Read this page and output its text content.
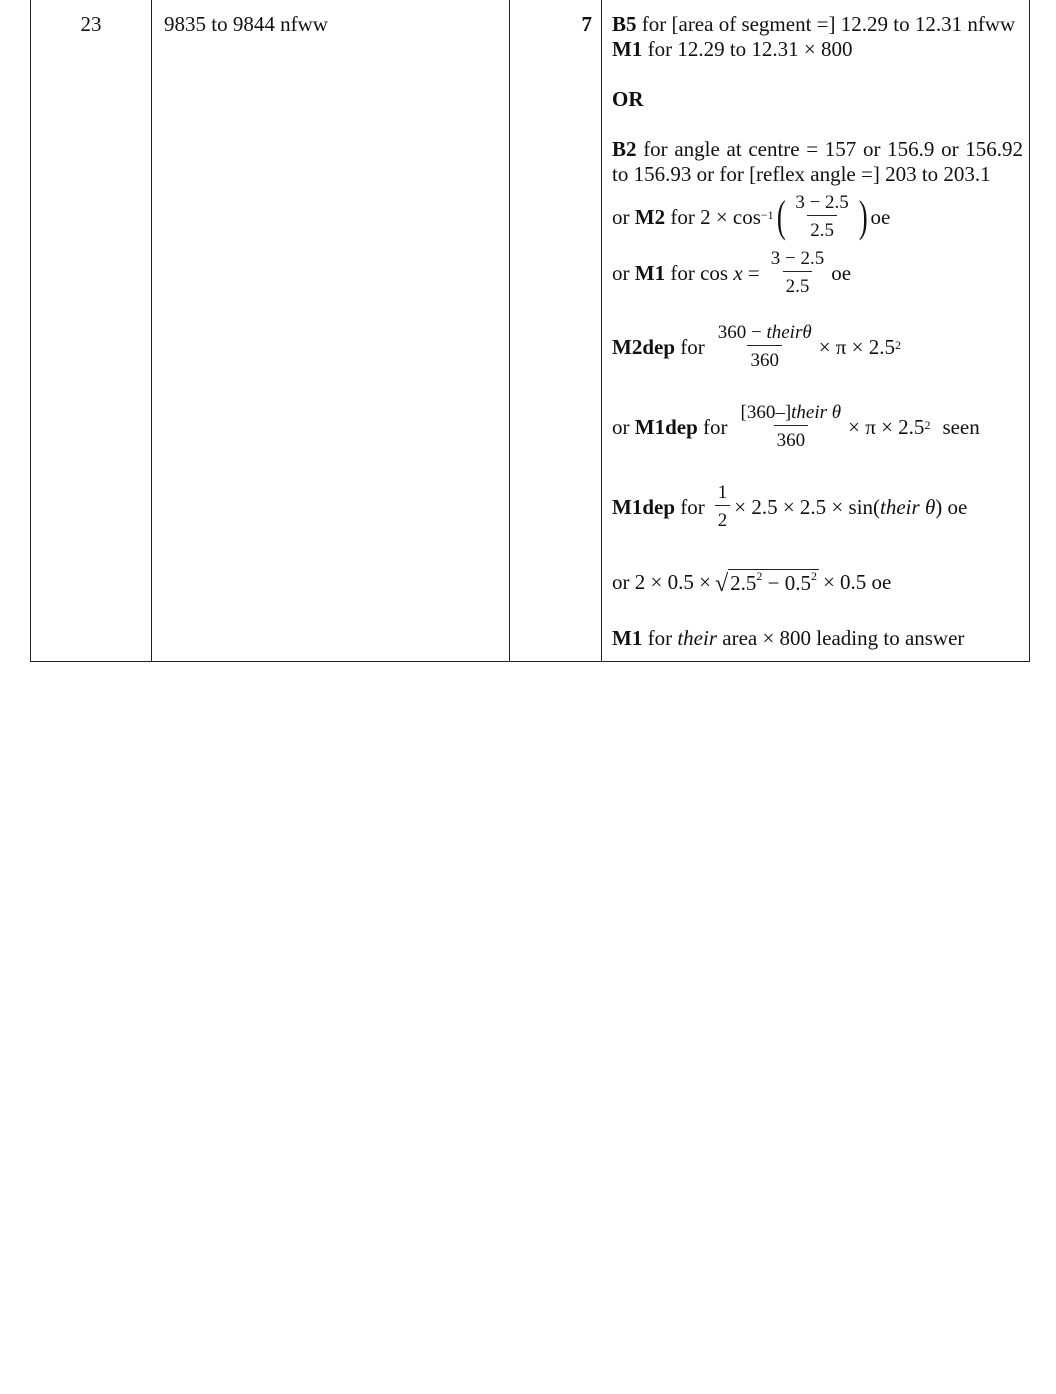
23	9835 to 9844 nfww	7	B5 for [area of segment =] 12.29 to 12.31 nfww

M1 for 12.29 to 12.31 × 800

OR

B2 for angle at centre = 157 or 156.9 or 156.92 to 156.93 or for [reflex angle =] 203 to 203.1

or M2 for $2 \times \cos^{-1}$ ( $\frac{3 - 2.5}{2.5}$ ) oe
or M1 for $\cos x = \frac{3 - 2.5}{2.5}$ oe
M2dep for $\frac{\text{360 − theirθ}}{360} \times \pi \times 2.5^2$
or M1dep for $\frac{\text{[360–]their θ}}{360} \times \pi \times 2.5^2$ seen
M1dep for $\frac{1}{2} \times 2.5 \times 2.5 \times \sin$( their θ ) oe
or 2 × 0.5 × √ $2.5^2 - 0.5^2 \times 0.5$ oe

M1 for their area × 800 leading to answer
